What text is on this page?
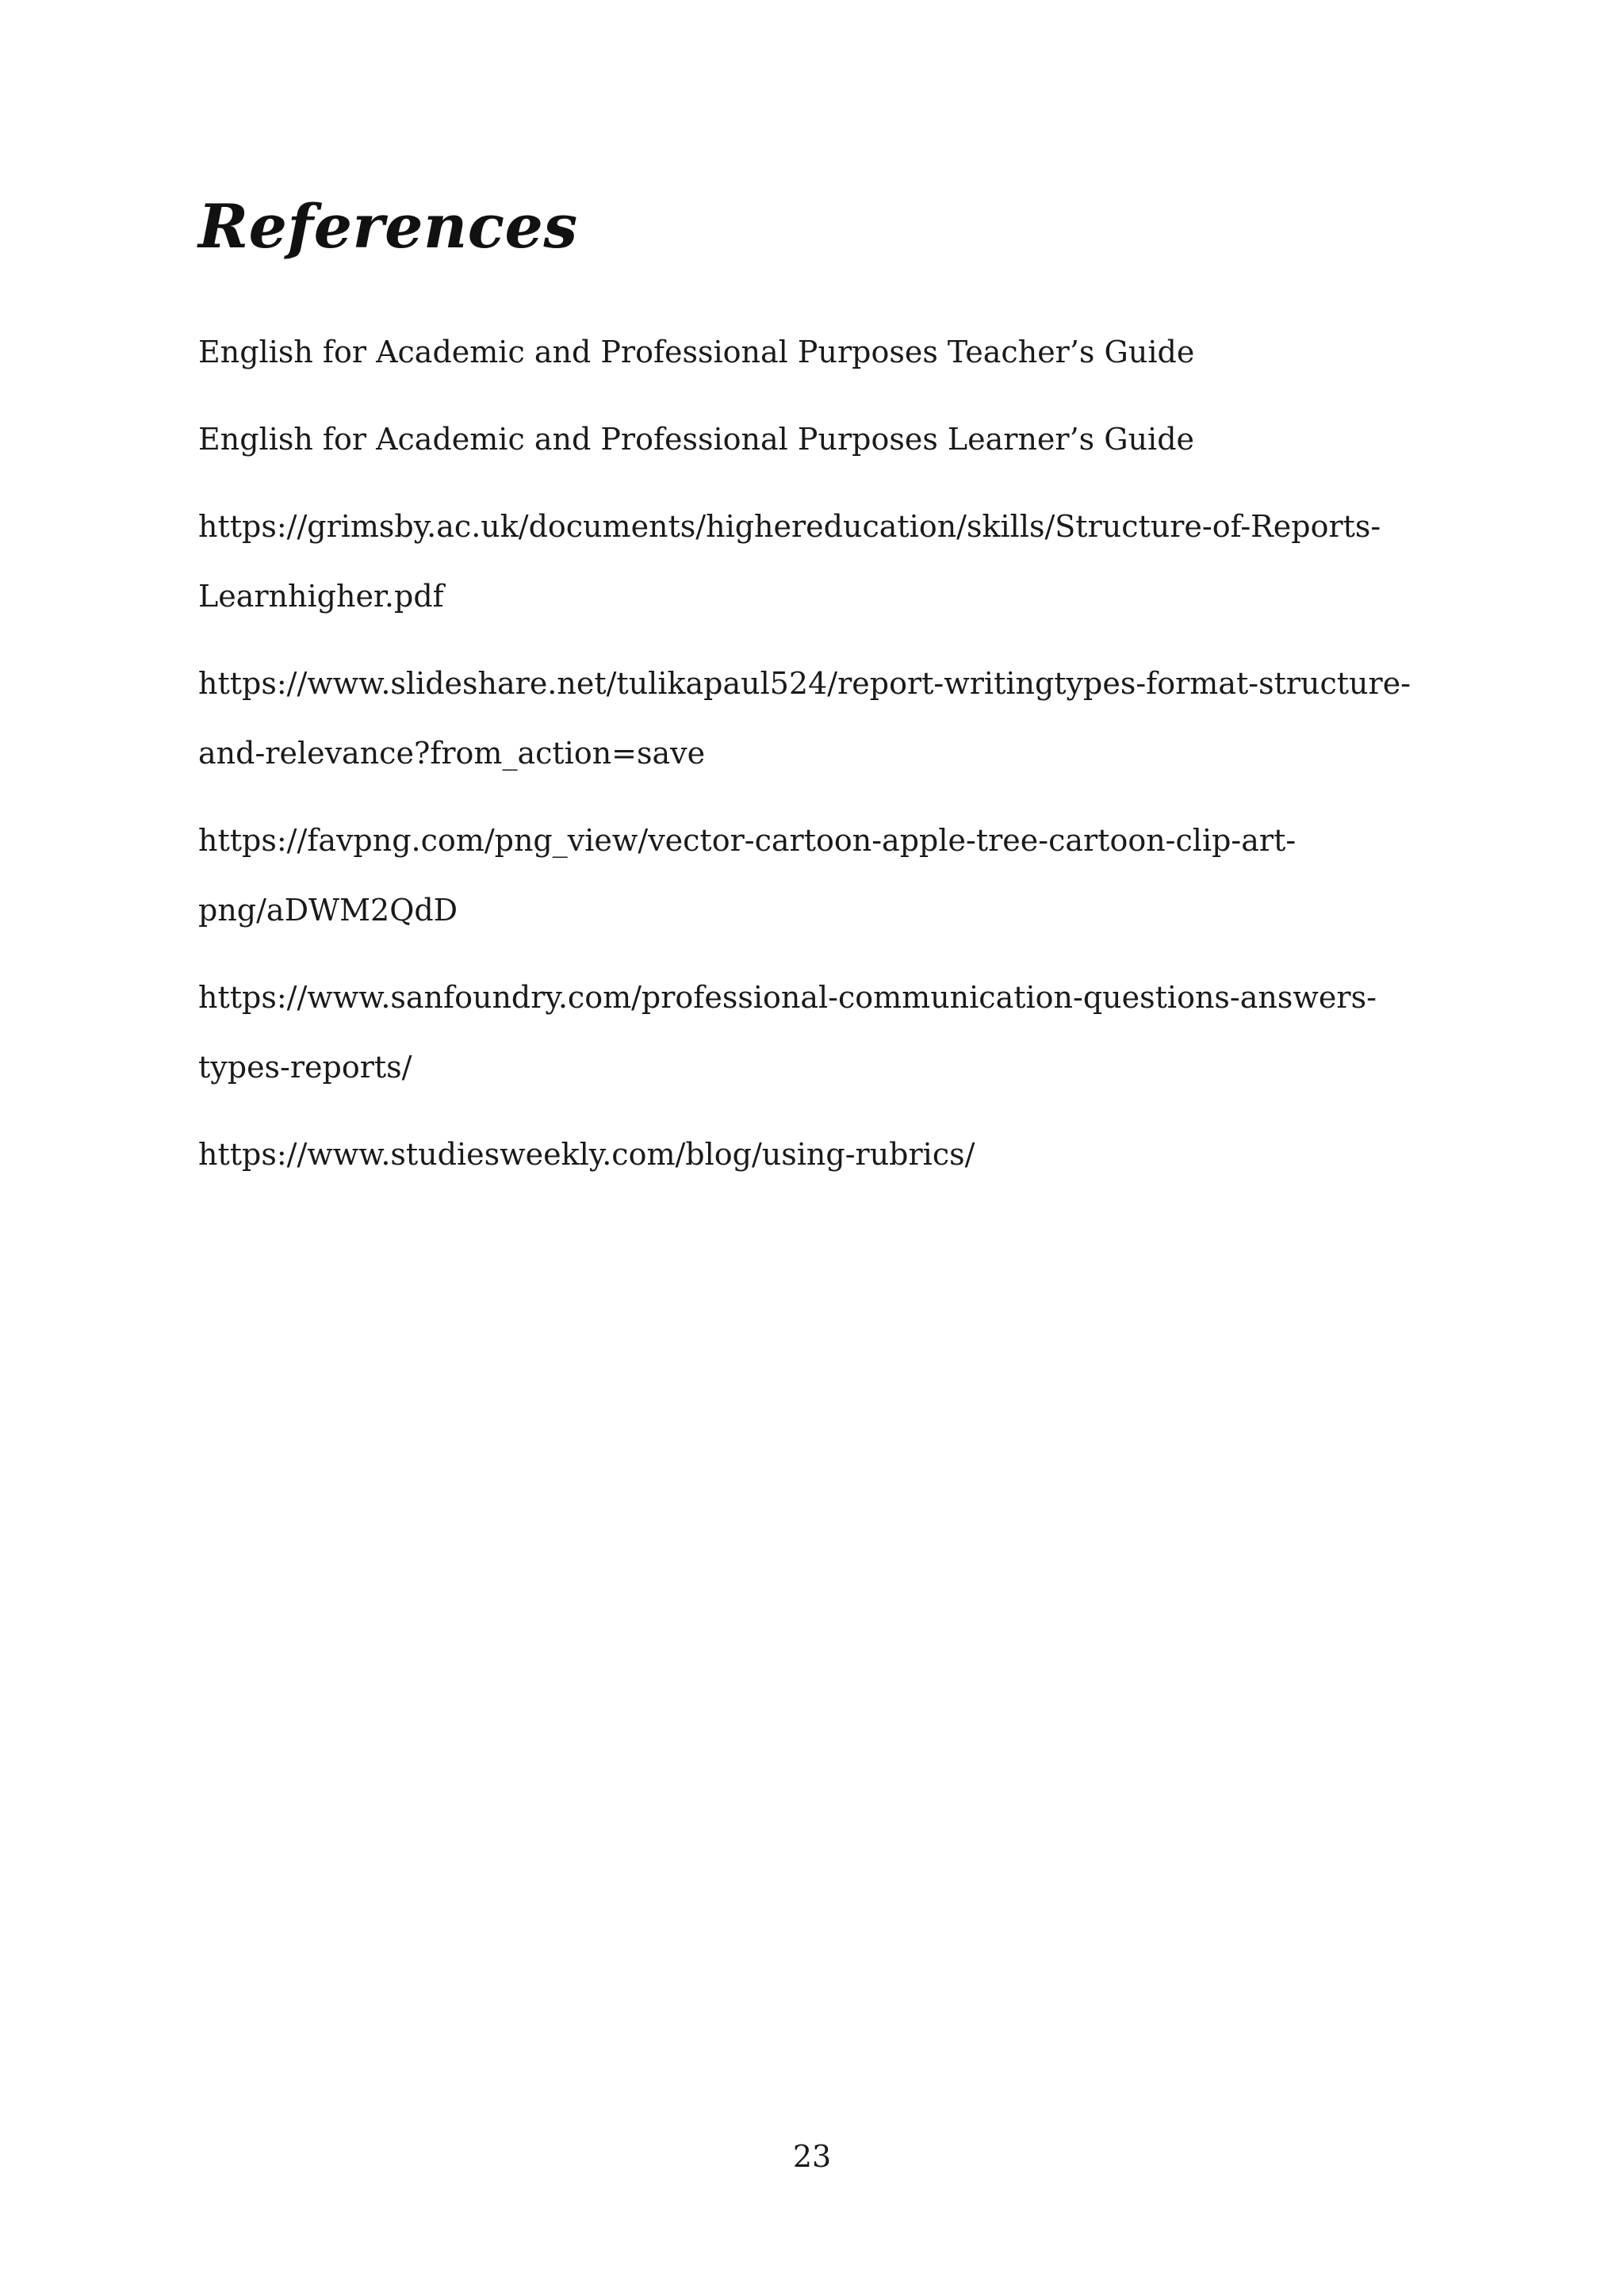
References
English for Academic and Professional Purposes Teacher’s Guide
English for Academic and Professional Purposes Learner’s Guide
https://grimsby.ac.uk/documents/highereducation/skills/Structure-of-Reports-
Learnhigher.pdf
https://www.slideshare.net/tulikapaul524/report-writingtypes-format-structure-
and-relevance?from_action=save
https://favpng.com/png_view/vector-cartoon-apple-tree-cartoon-clip-art-
png/aDWM2QdD
https://www.sanfoundry.com/professional-communication-questions-answers-
types-reports/
https://www.studiesweekly.com/blog/using-rubrics/
23
